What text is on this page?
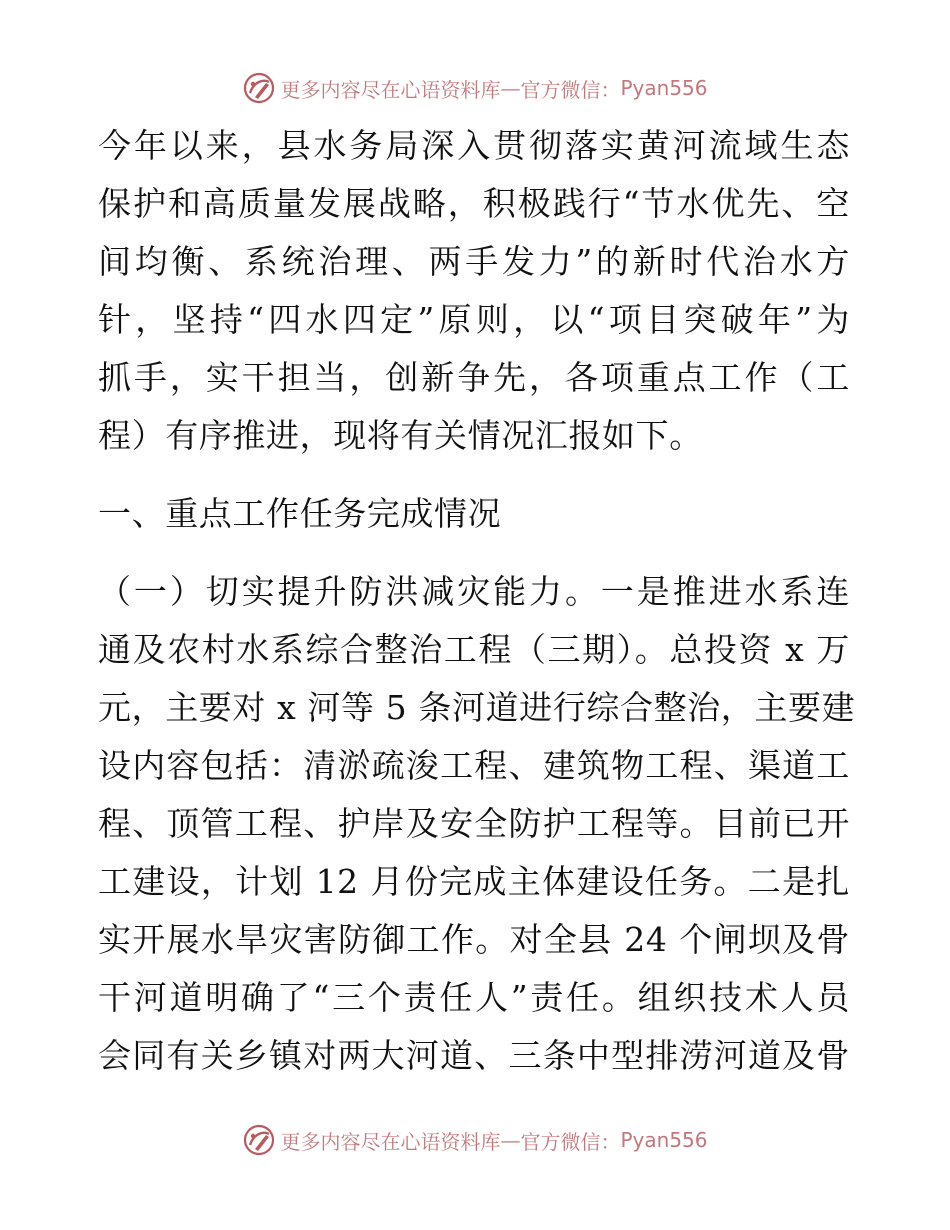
更多内容尽在心语资料库 — 官方微信： Pyan556
今年以来，县水务局深入贯彻落实黄河流域生态
保护和高质量发展战略，积极践行“节水优先、空
间均衡、系统治理、两手发力”的新时代治水方
针，坚持“四水四定”原则，以“项目突破年”为
抓手，实干担当，创新争先，各项重点工作（工
程）有序推进，现将有关情况汇报如下。
一、重点工作任务完成情况
（一）切实提升防洪减灾能力。一是推进水系连
通及农村水系综合整治工程（三期）。总投资 x 万
元，主要对 x 河等 5 条河道进行综合整治，主要建
设内容包括：清淤疏浚工程、建筑物工程、渠道工
程、顶管工程、护岸及安全防护工程等。目前已开
工建设，计划 12 月份完成主体建设任务。二是扎
实开展水旱灾害防御工作。对全县 24 个闸坝及骨
干河道明确了“三个责任人”责任。组织技术人员
会同有关乡镇对两大河道、三条中型排涝河道及骨
更多内容尽在心语资料库 — 官方微信： Pyan556
